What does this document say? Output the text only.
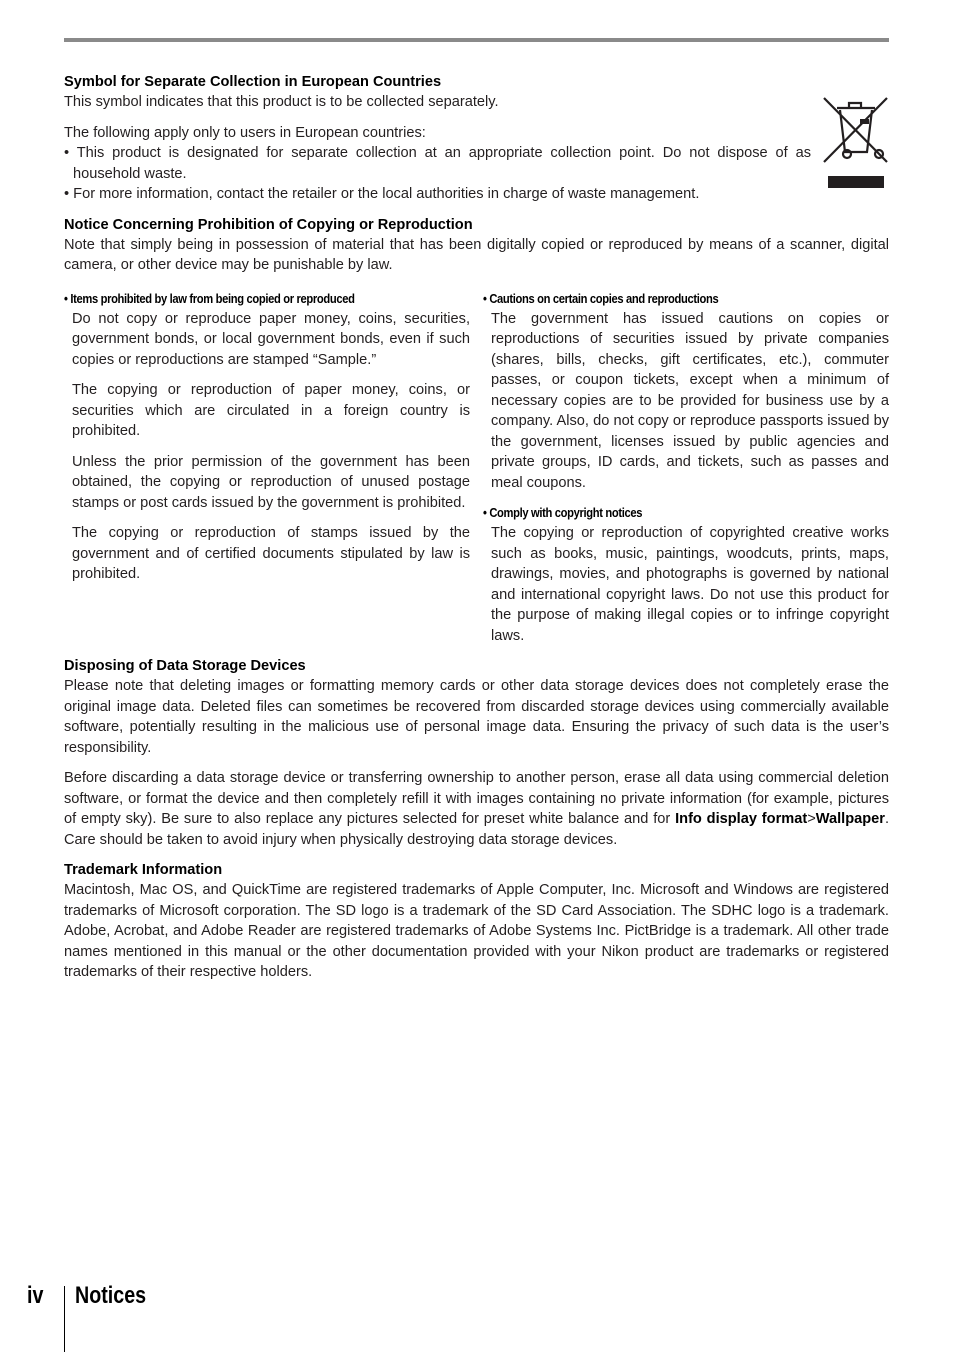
Symbol for Separate Collection in European Countries

This symbol indicates that this product is to be collected separately.

The following apply only to users in European countries:

• This product is designated for separate collection at an appropriate collection point. Do not dispose of as household waste.

• For more information, contact the retailer or the local authorities in charge of waste management.

Notice Concerning Prohibition of Copying or Reproduction

Note that simply being in possession of material that has been digitally copied or reproduced by means of a scanner, digital camera, or other device may be punishable by law.

• Items prohibited by law from being copied or reproduced

Do not copy or reproduce paper money, coins, securities, government bonds, or local government bonds, even if such copies or reproductions are stamped “Sample.”

The copying or reproduction of paper money, coins, or securities which are circulated in a foreign country is prohibited.

Unless the prior permission of the government has been obtained, the copying or reproduction of unused postage stamps or post cards issued by the government is prohibited.

The copying or reproduction of stamps issued by the government and of certified documents stipulated by law is prohibited.

• Cautions on certain copies and reproductions

The government has issued cautions on copies or reproductions of securities issued by private companies (shares, bills, checks, gift certificates, etc.), commuter passes, or coupon tickets, except when a minimum of necessary copies are to be provided for business use by a company. Also, do not copy or reproduce passports issued by the government, licenses issued by public agencies and private groups, ID cards, and tickets, such as passes and meal coupons.

• Comply with copyright notices

The copying or reproduction of copyrighted creative works such as books, music, paintings, woodcuts, prints, maps, drawings, movies, and photographs is governed by national and international copyright laws. Do not use this product for the purpose of making illegal copies or to infringe copyright laws.

Disposing of Data Storage Devices

Please note that deleting images or formatting memory cards or other data storage devices does not completely erase the original image data. Deleted files can sometimes be recovered from discarded storage devices using commercially available software, potentially resulting in the malicious use of personal image data. Ensuring the privacy of such data is the user’s responsibility.

Before discarding a data storage device or transferring ownership to another person, erase all data using commercial deletion software, or format the device and then completely refill it with images containing no private information (for example, pictures of empty sky). Be sure to also replace any pictures selected for preset white balance and for Info display format>Wallpaper. Care should be taken to avoid injury when physically destroying data storage devices.

Trademark Information

Macintosh, Mac OS, and QuickTime are registered trademarks of Apple Computer, Inc. Microsoft and Windows are registered trademarks of Microsoft corporation. The SD logo is a trademark of the SD Card Association. The SDHC logo is a trademark. Adobe, Acrobat, and Adobe Reader are registered trademarks of Adobe Systems Inc. PictBridge is a trademark. All other trade names mentioned in this manual or the other documentation provided with your Nikon product are trademarks or registered trademarks of their respective holders.

iv Notices
